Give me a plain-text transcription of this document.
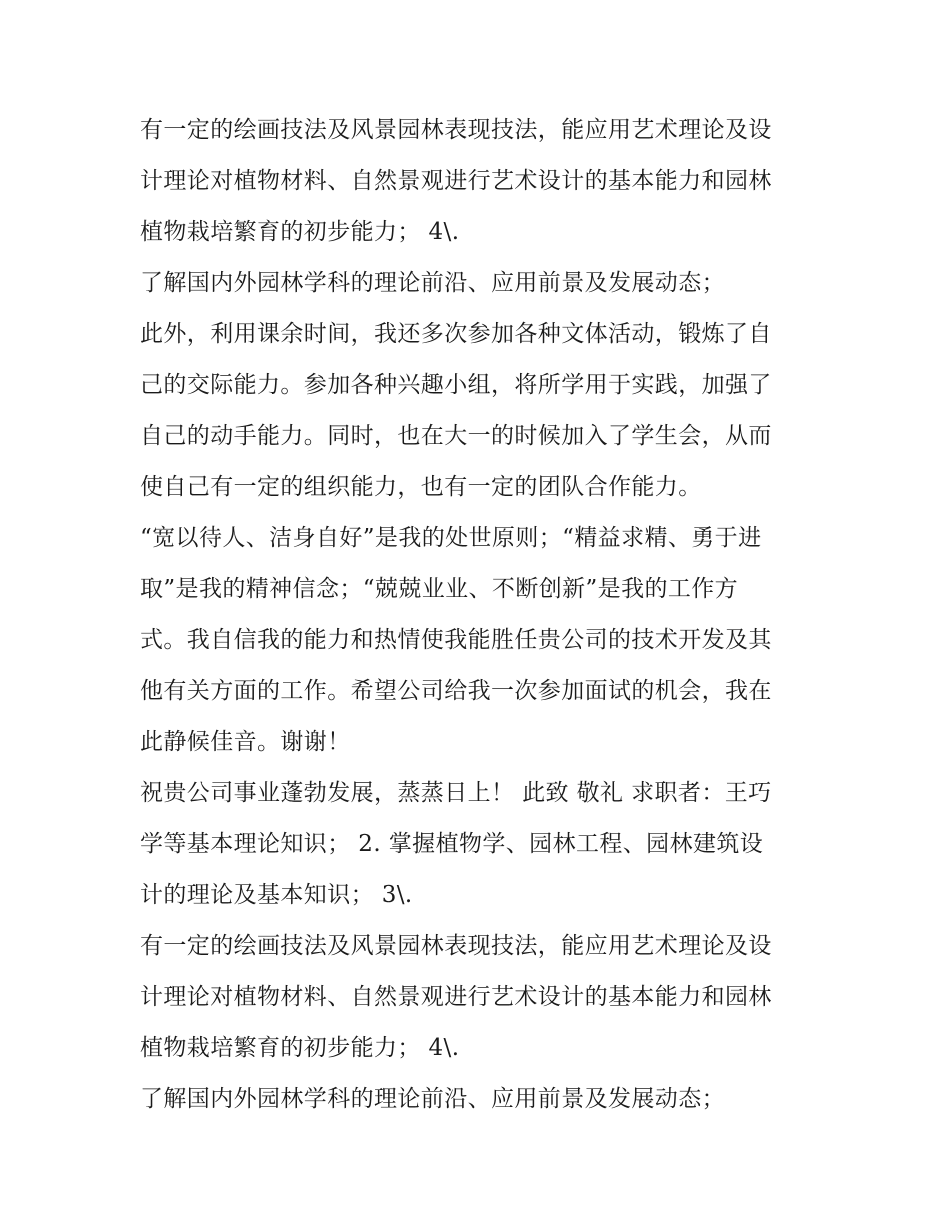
有一定的绘画技法及风景园林表现技法，能应用艺术理论及设
计理论对植物材料、自然景观进行艺术设计的基本能力和园林
植物栽培繁育的初步能力； 4\.
了解国内外园林学科的理论前沿、应用前景及发展动态；
此外，利用课余时间，我还多次参加各种文体活动，锻炼了自
己的交际能力。参加各种兴趣小组，将所学用于实践，加强了
自己的动手能力。同时，也在大一的时候加入了学生会，从而
使自己有一定的组织能力，也有一定的团队合作能力。
“宽以待人、洁身自好”是我的处世原则；“精益求精、勇于进
取”是我的精神信念；“兢兢业业、不断创新”是我的工作方
式。我自信我的能力和热情使我能胜任贵公司的技术开发及其
他有关方面的工作。希望公司给我一次参加面试的机会，我在
此静候佳音。谢谢！
祝贵公司事业蓬勃发展，蒸蒸日上！ 此致 敬礼 求职者：王巧
学等基本理论知识； 2. 掌握植物学、园林工程、园林建筑设
计的理论及基本知识； 3\.
有一定的绘画技法及风景园林表现技法，能应用艺术理论及设
计理论对植物材料、自然景观进行艺术设计的基本能力和园林
植物栽培繁育的初步能力； 4\.
了解国内外园林学科的理论前沿、应用前景及发展动态；
